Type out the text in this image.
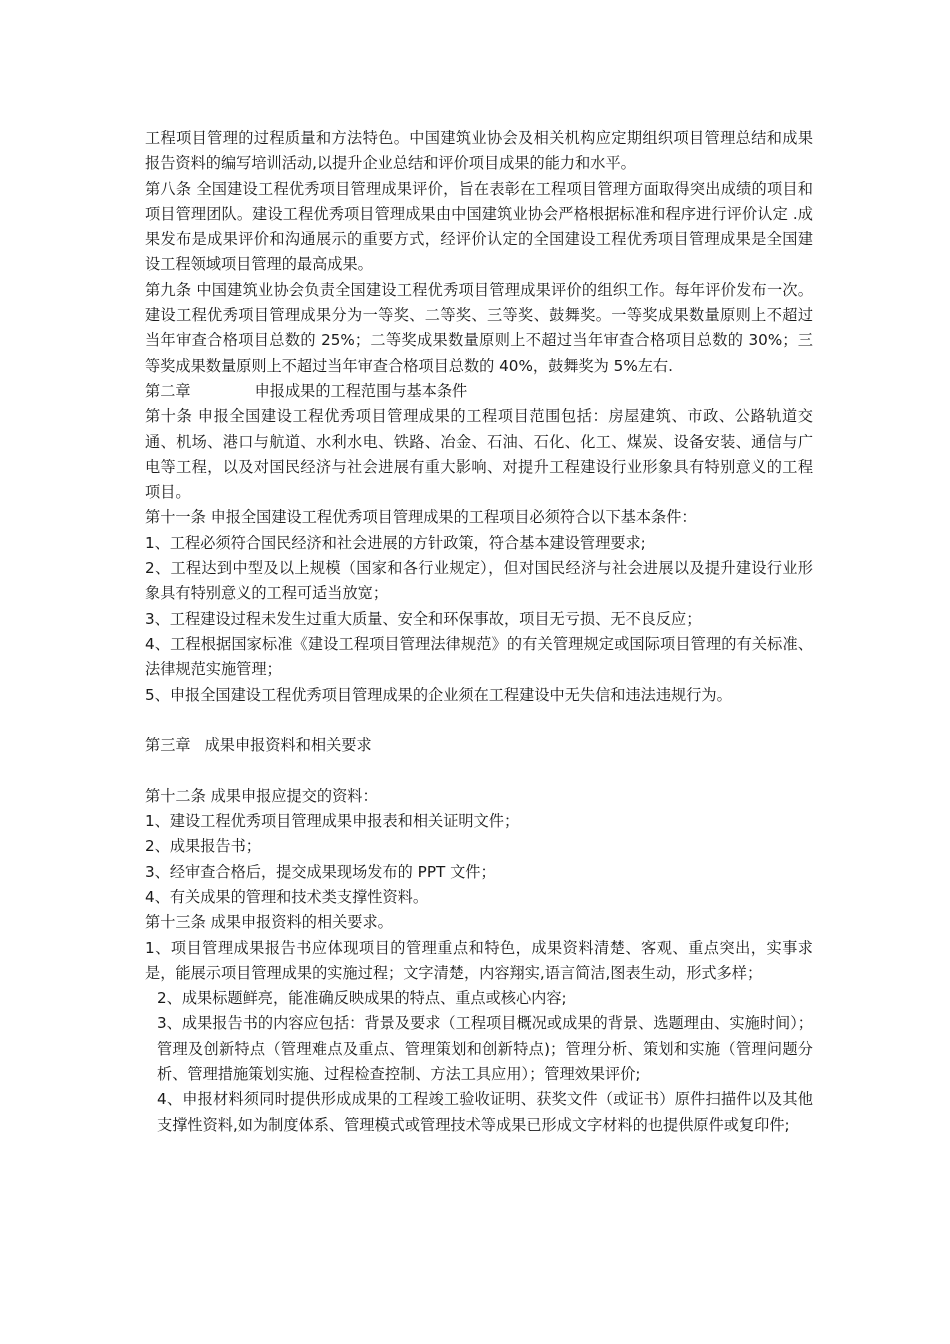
工程项目管理的过程质量和方法特色。中国建筑业协会及相关机构应定期组织项目管理总结和成果报告资料的编写培训活动,以提升企业总结和评价项目成果的能力和水平。

第八条 全国建设工程优秀项目管理成果评价，旨在表彰在工程项目管理方面取得突出成绩的项目和项目管理团队。建设工程优秀项目管理成果由中国建筑业协会严格根据标准和程序进行评价认定 .成果发布是成果评价和沟通展示的重要方式，经评价认定的全国建设工程优秀项目管理成果是全国建设工程领域项目管理的最高成果。

第九条 中国建筑业协会负责全国建设工程优秀项目管理成果评价的组织工作。每年评价发布一次。建设工程优秀项目管理成果分为一等奖、二等奖、三等奖、鼓舞奖。一等奖成果数量原则上不超过当年审查合格项目总数的 25%；二等奖成果数量原则上不超过当年审查合格项目总数的 30%；三等奖成果数量原则上不超过当年审查合格项目总数的 40%，鼓舞奖为 5%左右.

第二章	申报成果的工程范围与基本条件

第十条 申报全国建设工程优秀项目管理成果的工程项目范围包括：房屋建筑、市政、公路轨道交通、机场、港口与航道、水利水电、铁路、冶金、石油、石化、化工、煤炭、设备安装、通信与广电等工程，以及对国民经济与社会进展有重大影响、对提升工程建设行业形象具有特别意义的工程项目。

第十一条 申报全国建设工程优秀项目管理成果的工程项目必须符合以下基本条件：

1、工程必须符合国民经济和社会进展的方针政策，符合基本建设管理要求;

2、工程达到中型及以上规模（国家和各行业规定），但对国民经济与社会进展以及提升建设行业形象具有特别意义的工程可适当放宽；

3、工程建设过程未发生过重大质量、安全和环保事故，项目无亏损、无不良反应；

4、工程根据国家标准《建设工程项目管理法律规范》的有关管理规定或国际项目管理的有关标准、法律规范实施管理；

5、申报全国建设工程优秀项目管理成果的企业须在工程建设中无失信和违法违规行为。

第三章 成果申报资料和相关要求

第十二条 成果申报应提交的资料：

1、建设工程优秀项目管理成果申报表和相关证明文件；

2、成果报告书；

3、经审查合格后，提交成果现场发布的 PPT 文件；

4、有关成果的管理和技术类支撑性资料。

第十三条 成果申报资料的相关要求。

1、项目管理成果报告书应体现项目的管理重点和特色，成果资料清楚、客观、重点突出，实事求是，能展示项目管理成果的实施过程；文字清楚，内容翔实,语言简洁,图表生动，形式多样；

2、成果标题鲜亮，能准确反映成果的特点、重点或核心内容;

3、成果报告书的内容应包括：背景及要求（工程项目概况或成果的背景、选题理由、实施时间）；管理及创新特点（管理难点及重点、管理策划和创新特点)；管理分析、策划和实施（管理问题分析、管理措施策划实施、过程检查控制、方法工具应用）；管理效果评价;

4、申报材料须同时提供形成成果的工程竣工验收证明、获奖文件（或证书）原件扫描件以及其他支撑性资料,如为制度体系、管理模式或管理技术等成果已形成文字材料的也提供原件或复印件;
